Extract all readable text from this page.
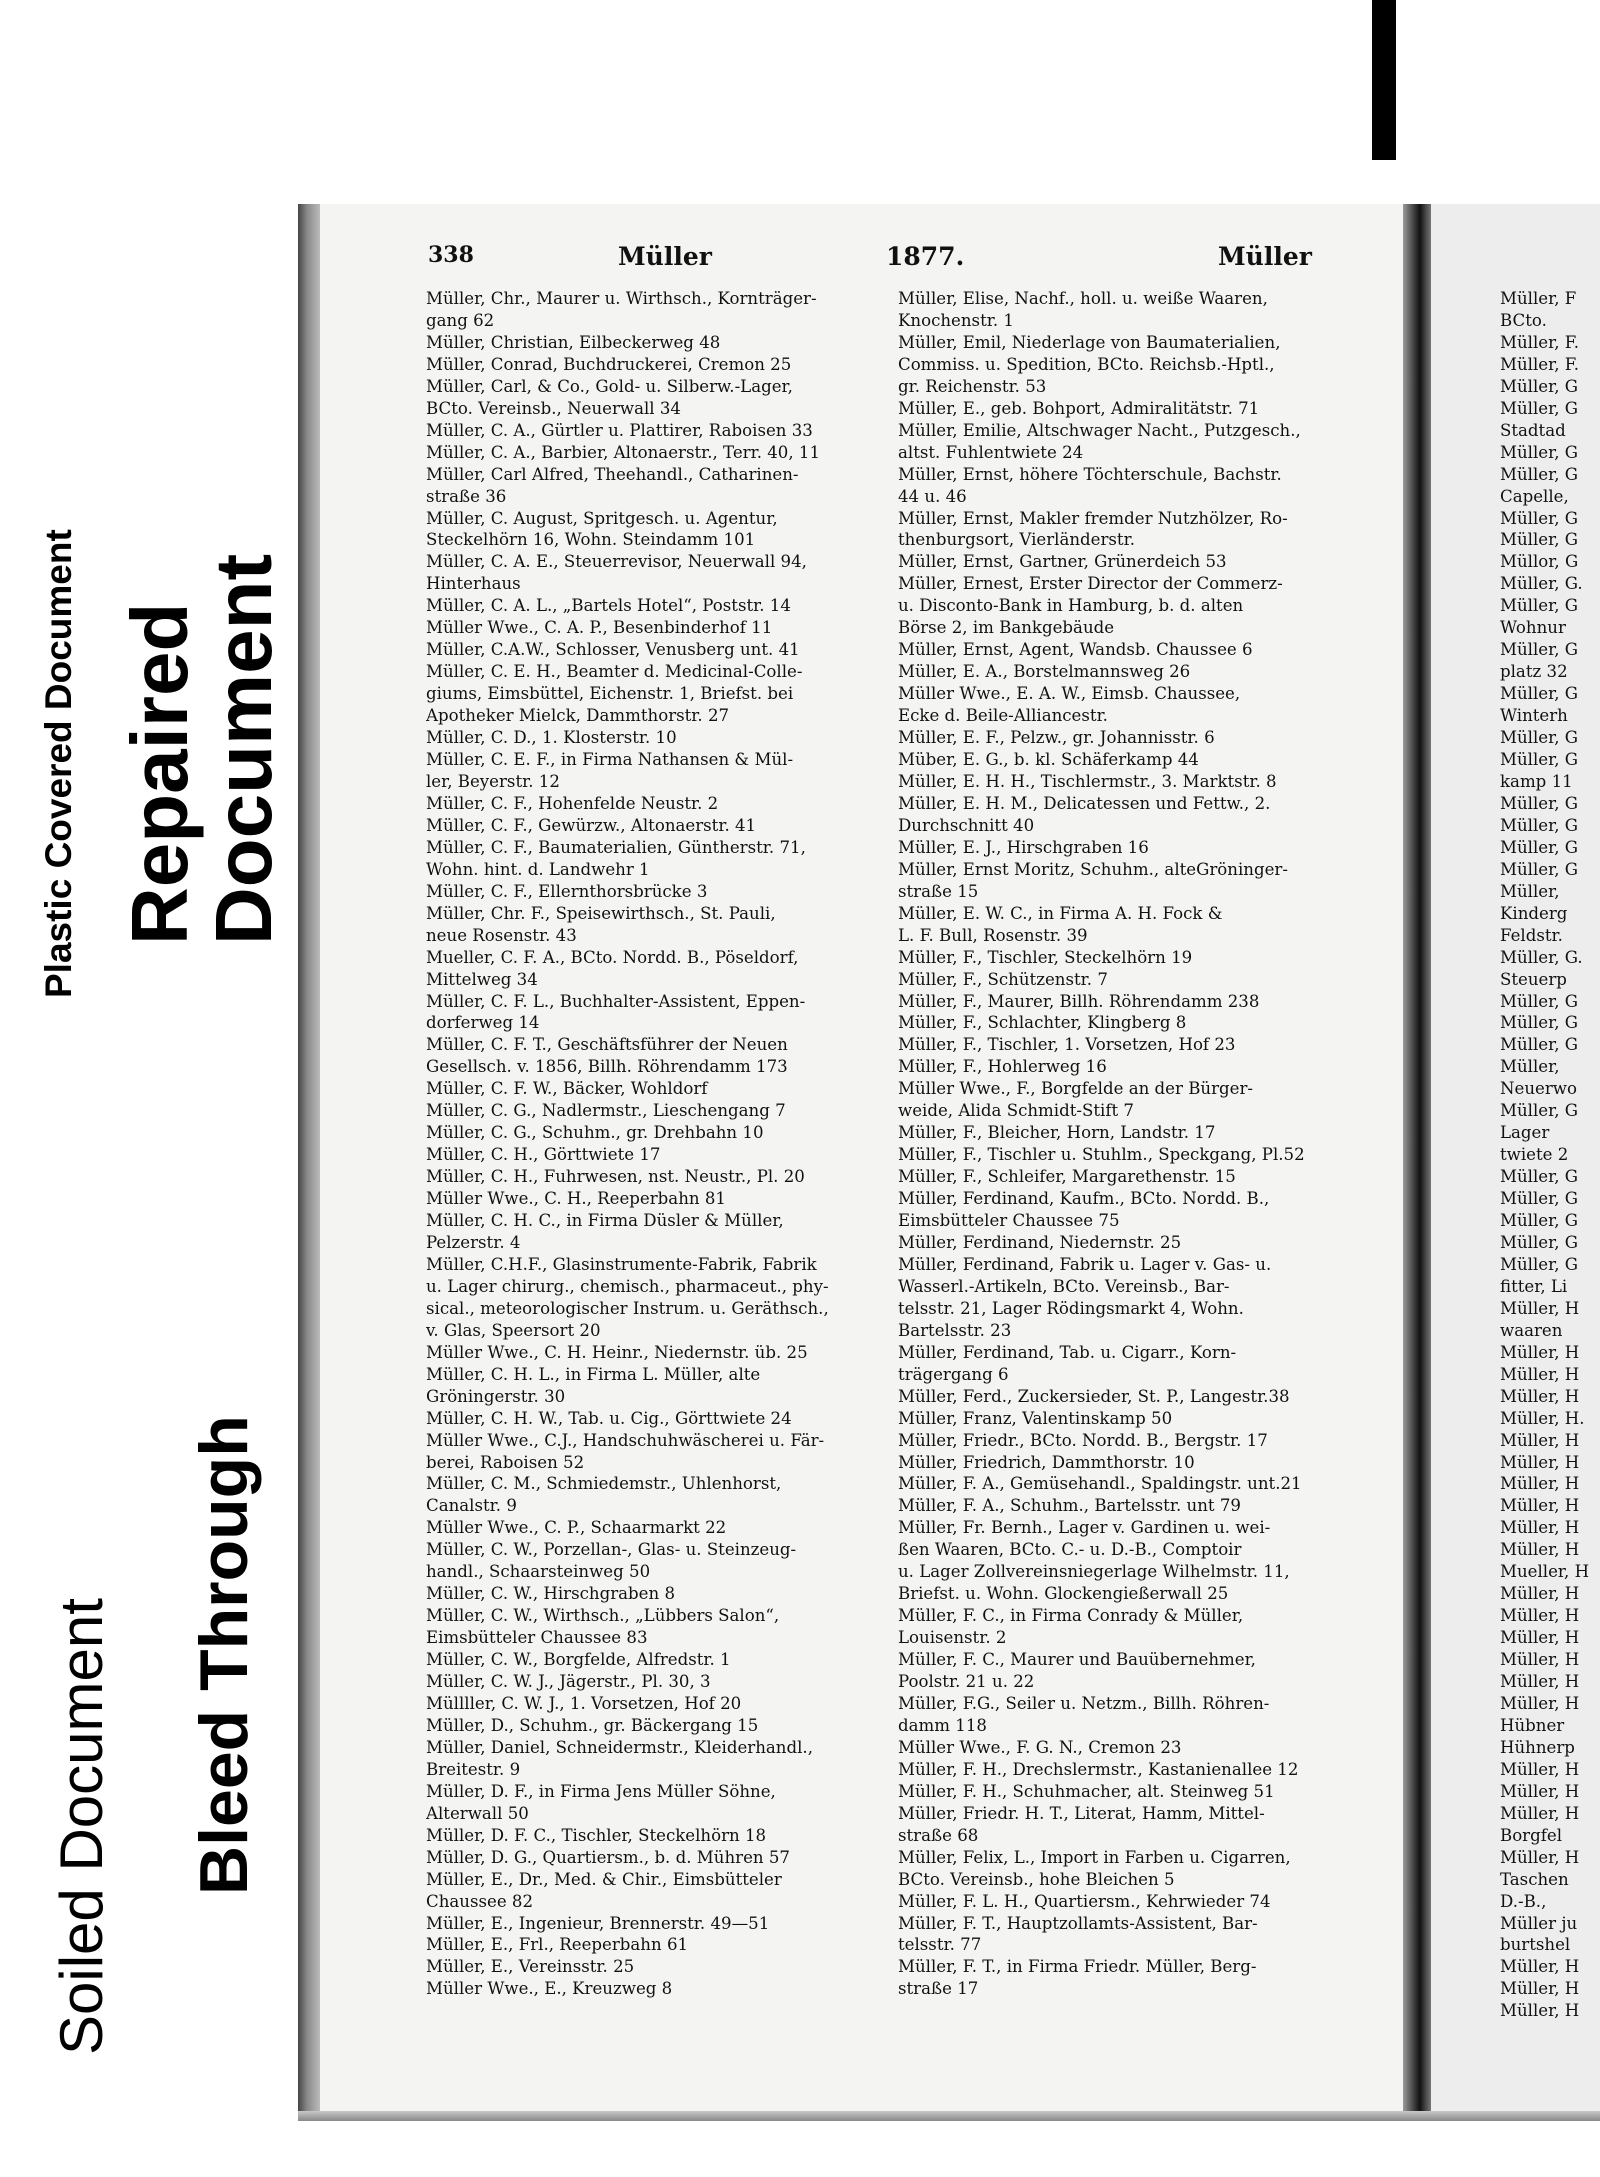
Plastic Covered Document Repaired Document
Soiled Document Bleed Through
338	Müller	1877.	Müller
Müller, Chr., Maurer u. Wirthsch., Kornträger-
gang 62
Müller, Christian, Eilbeckerweg 48
Müller, Conrad, Buchdruckerei, Cremon 25
Müller, Carl, & Co., Gold- u. Silberw.-Lager,
BCto. Vereinsb., Neuerwall 34
Müller, C. A., Gürtler u. Plattirer, Raboisen 33
Müller, C. A., Barbier, Altonaerstr., Terr. 40, 11
Müller, Carl Alfred, Theehandl., Catharinen-
straße 36
Müller, C. August, Spritgesch. u. Agentur,
Steckelhörn 16, Wohn. Steindamm 101
Müller, C. A. E., Steuerrevisor, Neuerwall 94,
Hinterhaus
Müller, C. A. L., „Bartels Hotel“, Poststr. 14
Müller Wwe., C. A. P., Besenbinderhof 11
Müller, C.A.W., Schlosser, Venusberg unt. 41
Müller, C. E. H., Beamter d. Medicinal-Colle-
giums, Eimsbüttel, Eichenstr. 1, Briefst. bei
Apotheker Mielck, Dammthorstr. 27
Müller, C. D., 1. Klosterstr. 10
Müller, C. E. F., in Firma Nathansen & Mül-
ler, Beyerstr. 12
Müller, C. F., Hohenfelde Neustr. 2
Müller, C. F., Gewürzw., Altonaerstr. 41
Müller, C. F., Baumaterialien, Güntherstr. 71,
Wohn. hint. d. Landwehr 1
Müller, C. F., Ellernthorsbrücke 3
Müller, Chr. F., Speisewirthsch., St. Pauli,
neue Rosenstr. 43
Mueller, C. F. A., BCto. Nordd. B., Pöseldorf,
Mittelweg 34
Müller, C. F. L., Buchhalter-Assistent, Eppen-
dorferweg 14
Müller, C. F. T., Geschäftsführer der Neuen
Gesellsch. v. 1856, Billh. Röhrendamm 173
Müller, C. F. W., Bäcker, Wohldorf
Müller, C. G., Nadlermstr., Lieschengang 7
Müller, C. G., Schuhm., gr. Drehbahn 10
Müller, C. H., Görttwiete 17
Müller, C. H., Fuhrwesen, nst. Neustr., Pl. 20
Müller Wwe., C. H., Reeperbahn 81
Müller, C. H. C., in Firma Düsler & Müller,
Pelzerstr. 4
Müller, C.H.F., Glasinstrumente-Fabrik, Fabrik
u. Lager chirurg., chemisch., pharmaceut., phy-
sical., meteorologischer Instrum. u. Geräthsch.,
v. Glas, Speersort 20
Müller Wwe., C. H. Heinr., Niedernstr. üb. 25
Müller, C. H. L., in Firma L. Müller, alte
Gröningerstr. 30
Müller, C. H. W., Tab. u. Cig., Görttwiete 24
Müller Wwe., C.J., Handschuhwäscherei u. Fär-
berei, Raboisen 52
Müller, C. M., Schmiedemstr., Uhlenhorst,
Canalstr. 9
Müller Wwe., C. P., Schaarmarkt 22
Müller, C. W., Porzellan-, Glas- u. Steinzeug-
handl., Schaarsteinweg 50
Müller, C. W., Hirschgraben 8
Müller, C. W., Wirthsch., „Lübbers Salon“,
Eimsbütteler Chaussee 83
Müller, C. W., Borgfelde, Alfredstr. 1
Müller, C. W. J., Jägerstr., Pl. 30, 3
Müllller, C. W. J., 1. Vorsetzen, Hof 20
Müller, D., Schuhm., gr. Bäckergang 15
Müller, Daniel, Schneidermstr., Kleiderhandl.,
Breitestr. 9
Müller, D. F., in Firma Jens Müller Söhne,
Alterwall 50
Müller, D. F. C., Tischler, Steckelhörn 18
Müller, D. G., Quartiersm., b. d. Mühren 57
Müller, E., Dr., Med. & Chir., Eimsbütteler
Chaussee 82
Müller, E., Ingenieur, Brennerstr. 49—51
Müller, E., Frl., Reeperbahn 61
Müller, E., Vereinsstr. 25
Müller Wwe., E., Kreuzweg 8
Müller, Elise, Nachf., holl. u. weiße Waaren,
Knochenstr. 1
Müller, Emil, Niederlage von Baumaterialien,
Commiss. u. Spedition, BCto. Reichsb.-Hptl.,
gr. Reichenstr. 53
Müller, E., geb. Bohport, Admiralitätstr. 71
Müller, Emilie, Altschwager Nacht., Putzgesch.,
altst. Fuhlentwiete 24
Müller, Ernst, höhere Töchterschule, Bachstr.
44 u. 46
Müller, Ernst, Makler fremder Nutzhölzer, Ro-
thenburgsort, Vierländerstr.
Müller, Ernst, Gartner, Grünerdeich 53
Müller, Ernest, Erster Director der Commerz-
u. Disconto-Bank in Hamburg, b. d. alten
Börse 2, im Bankgebäude
Müller, Ernst, Agent, Wandsb. Chaussee 6
Müller, E. A., Borstelmannsweg 26
Müller Wwe., E. A. W., Eimsb. Chaussee,
Ecke d. Beile-Alliancestr.
Müller, E. F., Pelzw., gr. Johannisstr. 6
Müber, E. G., b. kl. Schäferkamp 44
Müller, E. H. H., Tischlermstr., 3. Marktstr. 8
Müller, E. H. M., Delicatessen und Fettw., 2.
Durchschnitt 40
Müller, E. J., Hirschgraben 16
Müller, Ernst Moritz, Schuhm., alteGröninger-
straße 15
Müller, E. W. C., in Firma A. H. Fock &
L. F. Bull, Rosenstr. 39
Müller, F., Tischler, Steckelhörn 19
Müller, F., Schützenstr. 7
Müller, F., Maurer, Billh. Röhrendamm 238
Müller, F., Schlachter, Klingberg 8
Müller, F., Tischler, 1. Vorsetzen, Hof 23
Müller, F., Hohlerweg 16
Müller Wwe., F., Borgfelde an der Bürger-
weide, Alida Schmidt-Stift 7
Müller, F., Bleicher, Horn, Landstr. 17
Müller, F., Tischler u. Stuhlm., Speckgang, Pl.52
Müller, F., Schleifer, Margarethenstr. 15
Müller, Ferdinand, Kaufm., BCto. Nordd. B.,
Eimsbütteler Chaussee 75
Müller, Ferdinand, Niedernstr. 25
Müller, Ferdinand, Fabrik u. Lager v. Gas- u.
Wasserl.-Artikeln, BCto. Vereinsb., Bar-
telsstr. 21, Lager Rödingsmarkt 4, Wohn.
Bartelsstr. 23
Müller, Ferdinand, Tab. u. Cigarr., Korn-
trägergang 6
Müller, Ferd., Zuckersieder, St. P., Langestr.38
Müller, Franz, Valentinskamp 50
Müller, Friedr., BCto. Nordd. B., Bergstr. 17
Müller, Friedrich, Dammthorstr. 10
Müller, F. A., Gemüsehandl., Spaldingstr. unt.21
Müller, F. A., Schuhm., Bartelsstr. unt 79
Müller, Fr. Bernh., Lager v. Gardinen u. wei-
ßen Waaren, BCto. C.- u. D.-B., Comptoir
u. Lager Zollvereinsniegerlage Wilhelmstr. 11,
Briefst. u. Wohn. Glockengießerwall 25
Müller, F. C., in Firma Conrady & Müller,
Louisenstr. 2
Müller, F. C., Maurer und Bauübernehmer,
Poolstr. 21 u. 22
Müller, F.G., Seiler u. Netzm., Billh. Röhren-
damm 118
Müller Wwe., F. G. N., Cremon 23
Müller, F. H., Drechslermstr., Kastanienallee 12
Müller, F. H., Schuhmacher, alt. Steinweg 51
Müller, Friedr. H. T., Literat, Hamm, Mittel-
straße 68
Müller, Felix, L., Import in Farben u. Cigarren,
BCto. Vereinsb., hohe Bleichen 5
Müller, F. L. H., Quartiersm., Kehrwieder 74
Müller, F. T., Hauptzollamts-Assistent, Bar-
telsstr. 77
Müller, F. T., in Firma Friedr. Müller, Berg-
straße 17
Müller, F
BCto.
Müller, F.
Müller, F.
Müller, G
Müller, G
Stadtad
Müller, G
Müller, G
Capelle,
Müller, G
Müller, G
Müllor, G
Müller, G.
Müller, G
Wohnur
Müller, G
platz 32
Müller, G
Winterh
Müller, G
Müller, G
kamp 11
Müller, G
Müller, G
Müller, G
Müller, G
Müller,
Kinderg
Feldstr.
Müller, G.
Steuerp
Müller, G
Müller, G
Müller, G
Müller,
Neuerwo
Müller, G
Lager
twiete 2
Müller, G
Müller, G
Müller, G
Müller, G
Müller, G
fitter, Li
Müller, H
waaren
Müller, H
Müller, H
Müller, H
Müller, H.
Müller, H
Müller, H
Müller, H
Müller, H
Müller, H
Müller, H
Mueller, H
Müller, H
Müller, H
Müller, H
Müller, H
Müller, H
Müller, H
Hübner
Hühnerp
Müller, H
Müller, H
Müller, H
Borgfel
Müller, H
Taschen
D.-B.,
Müller ju
burtshel
Müller, H
Müller, H
Müller, H
